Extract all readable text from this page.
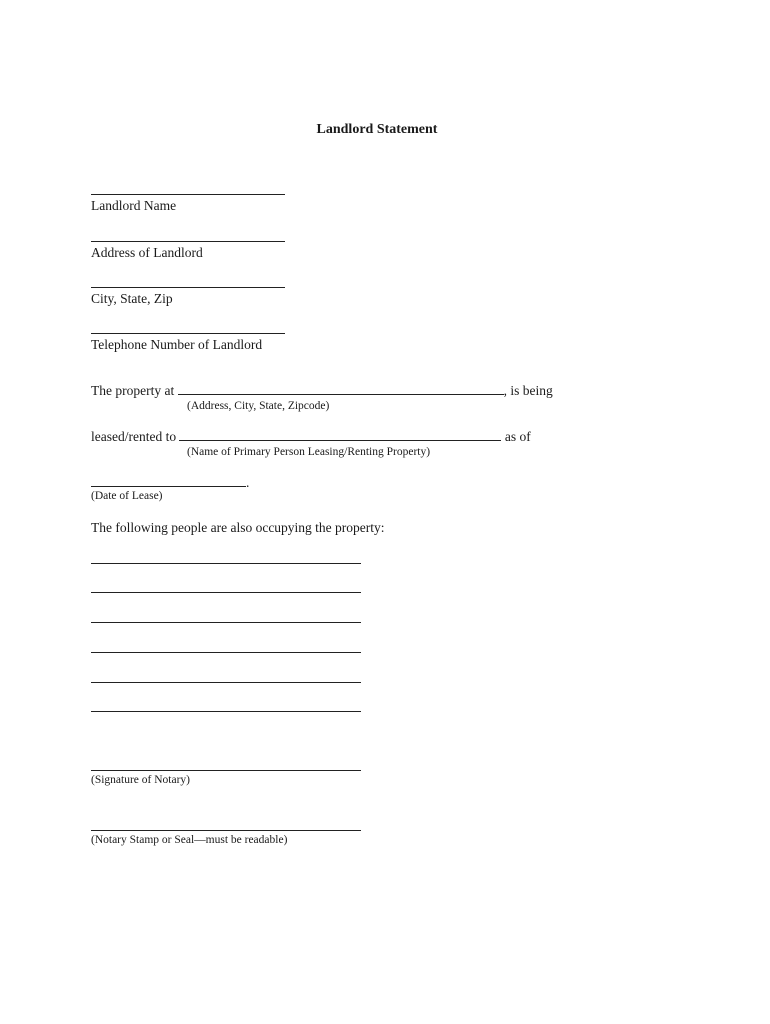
Landlord Statement
Landlord Name
Address of Landlord
City, State, Zip
Telephone Number of Landlord
The property at	, is being
(Address, City, State, Zipcode)
leased/rented to	as of
(Name of Primary Person Leasing/Renting Property)
.
(Date of Lease)
The following people are also occupying the property:
(Signature of Notary)
(Notary Stamp or Seal—must be readable)
